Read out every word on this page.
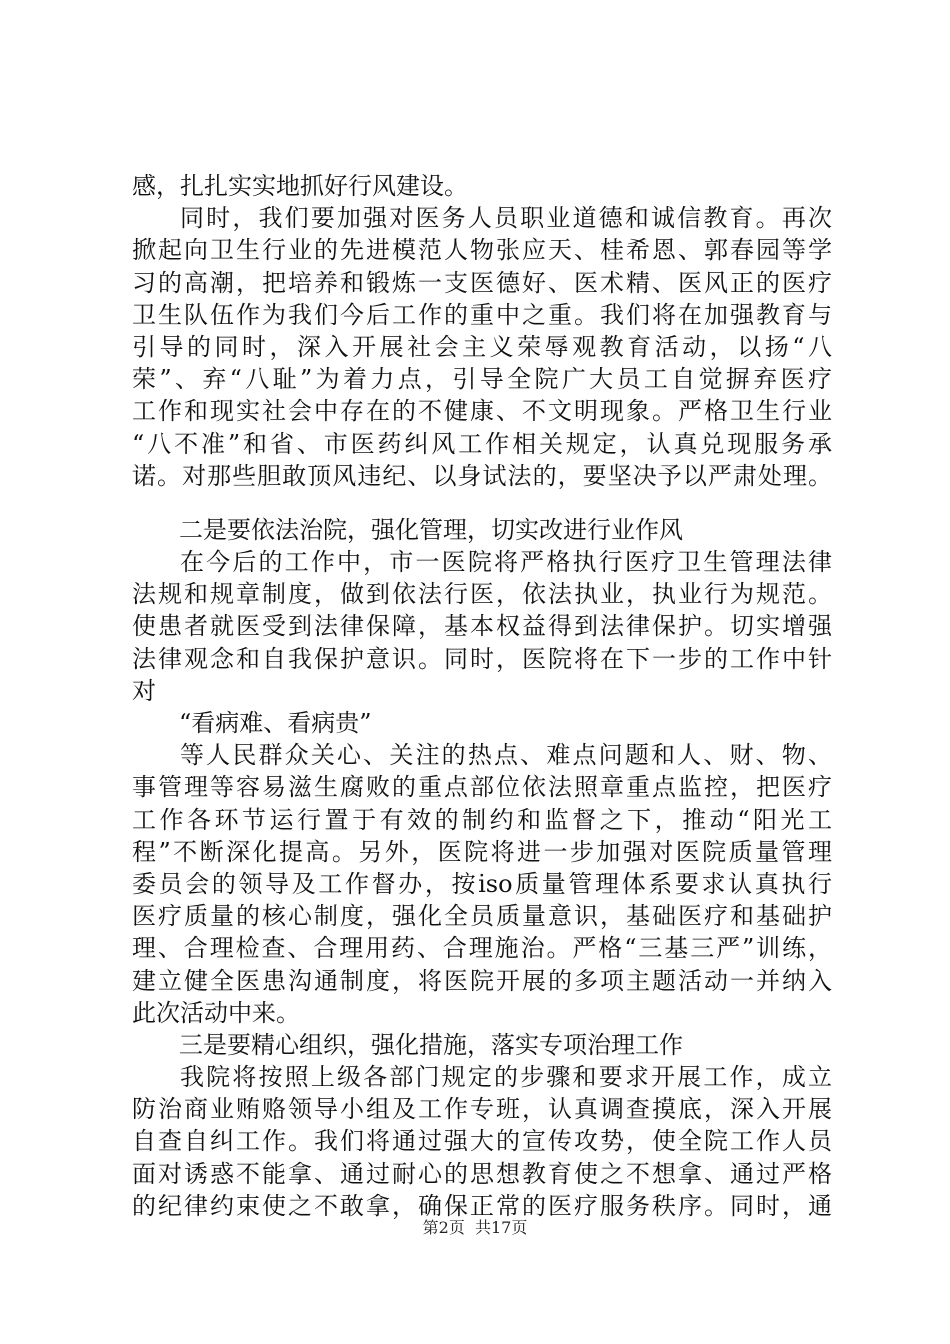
感，扎扎实实地抓好行风建设。
同时，我们要加强对医务人员职业道德和诚信教育。再次
掀起向卫生行业的先进模范人物张应天、桂希恩、郭春园等学
习的高潮，把培养和锻炼一支医德好、医术精、医风正的医疗
卫生队伍作为我们今后工作的重中之重。我们将在加强教育与
引导的同时，深入开展社会主义荣辱观教育活动，以扬“八
荣”、弃“八耻”为着力点，引导全院广大员工自觉摒弃医疗
工作和现实社会中存在的不健康、不文明现象。严格卫生行业
“八不准”和省、市医药纠风工作相关规定，认真兑现服务承
诺。对那些胆敢顶风违纪、以身试法的，要坚决予以严肃处理。
二是要依法治院，强化管理，切实改进行业作风
在今后的工作中，市一医院将严格执行医疗卫生管理法律
法规和规章制度，做到依法行医，依法执业，执业行为规范。
使患者就医受到法律保障，基本权益得到法律保护。切实增强
法律观念和自我保护意识。同时，医院将在下一步的工作中针
对
“看病难、看病贵”
等人民群众关心、关注的热点、难点问题和人、财、物、
事管理等容易滋生腐败的重点部位依法照章重点监控，把医疗
工作各环节运行置于有效的制约和监督之下，推动“阳光工
程”不断深化提高。另外，医院将进一步加强对医院质量管理
委员会的领导及工作督办，按iso质量管理体系要求认真执行
医疗质量的核心制度，强化全员质量意识，基础医疗和基础护
理、合理检查、合理用药、合理施治。严格“三基三严”训练，
建立健全医患沟通制度，将医院开展的多项主题活动一并纳入
此次活动中来。
三是要精心组织，强化措施，落实专项治理工作
我院将按照上级各部门规定的步骤和要求开展工作，成立
防治商业贿赂领导小组及工作专班，认真调查摸底，深入开展
自查自纠工作。我们将通过强大的宣传攻势，使全院工作人员
面对诱惑不能拿、通过耐心的思想教育使之不想拿、通过严格
的纪律约束使之不敢拿，确保正常的医疗服务秩序。同时，通
第2页  共17页
